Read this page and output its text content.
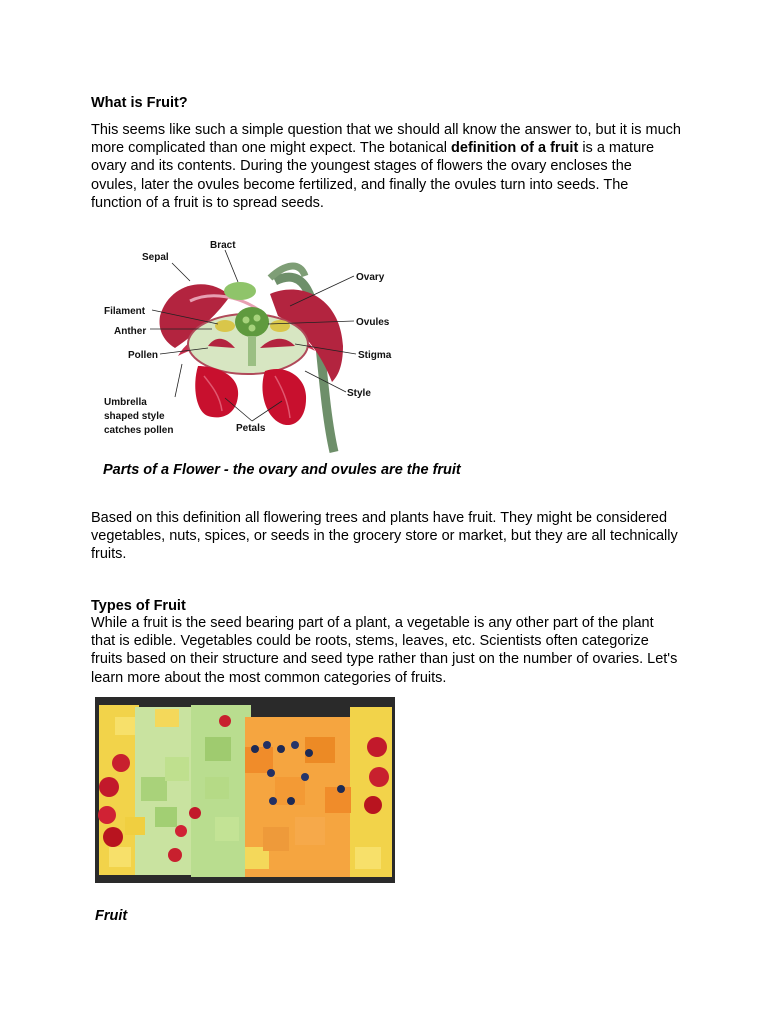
What is Fruit?
This seems like such a simple question that we should all know the answer to, but it is much more complicated than one might expect. The botanical definition of a fruit is a mature ovary and its contents. During the youngest stages of flowers the ovary encloses the ovules, later the ovules become fertilized, and finally the ovules turn into seeds. The function of a fruit is to spread seeds.
Bract
Sepal
Ovary
Filament
Ovules
Anther
Pollen	Stigma
Style
Umbrella
shaped style
catches pollen	Petals
Parts of a Flower - the ovary and ovules are the fruit
Based on this definition all flowering trees and plants have fruit. They might be considered vegetables, nuts, spices, or seeds in the grocery store or market, but they are all technically fruits.
Types of Fruit
While a fruit is the seed bearing part of a plant, a vegetable is any other part of the plant that is edible. Vegetables could be roots, stems, leaves, etc. Scientists often categorize fruits based on their structure and seed type rather than just on the number of ovaries. Let's learn more about the most common categories of fruits.
Fruit
